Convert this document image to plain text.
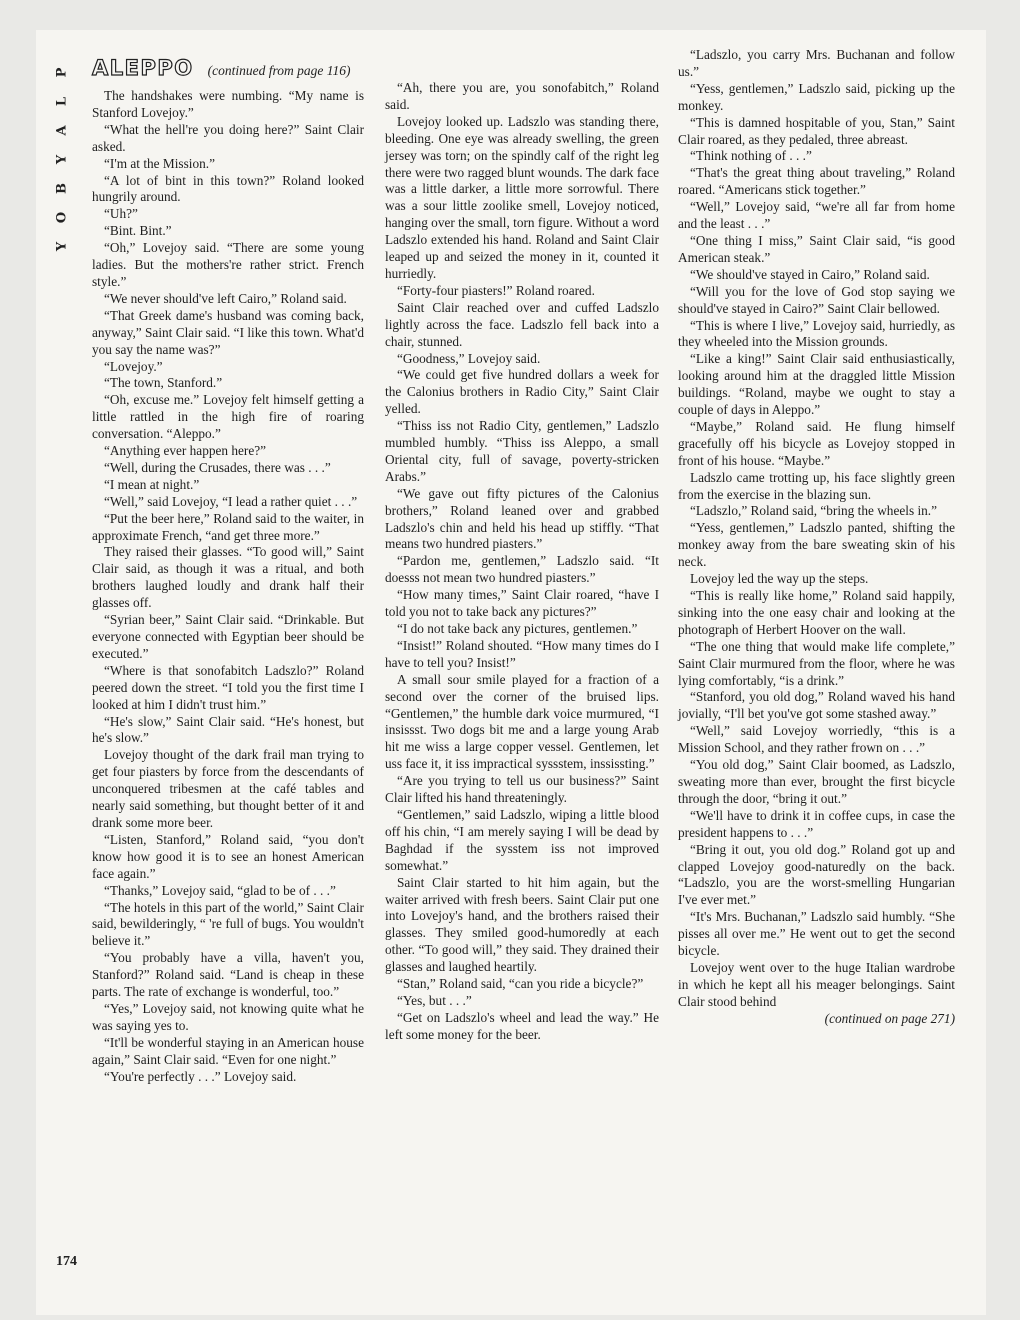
P
L
A
Y
B
O
Y
ALEPPO (continued from page 116)

The handshakes were numbing. “My name is Stanford Lovejoy.”

“What the hell're you doing here?” Saint Clair asked.

“I'm at the Mission.”

“A lot of bint in this town?” Roland looked hungrily around.

“Uh?”

“Bint. Bint.”

“Oh,” Lovejoy said. “There are some young ladies. But the mothers're rather strict. French style.”

“We never should've left Cairo,” Roland said.

“That Greek dame's husband was coming back, anyway,” Saint Clair said. “I like this town. What'd you say the name was?”

“Lovejoy.”

“The town, Stanford.”

“Oh, excuse me.” Lovejoy felt himself getting a little rattled in the high fire of roaring conversation. “Aleppo.”

“Anything ever happen here?”

“Well, during the Crusades, there was . . .”

“I mean at night.”

“Well,” said Lovejoy, “I lead a rather quiet . . .”

“Put the beer here,” Roland said to the waiter, in approximate French, “and get three more.”

They raised their glasses. “To good will,” Saint Clair said, as though it was a ritual, and both brothers laughed loudly and drank half their glasses off.

“Syrian beer,” Saint Clair said. “Drinkable. But everyone connected with Egyptian beer should be executed.”

“Where is that sonofabitch Ladszlo?” Roland peered down the street. “I told you the first time I looked at him I didn't trust him.”

“He's slow,” Saint Clair said. “He's honest, but he's slow.”

Lovejoy thought of the dark frail man trying to get four piasters by force from the descendants of unconquered tribesmen at the café tables and nearly said something, but thought better of it and drank some more beer.

“Listen, Stanford,” Roland said, “you don't know how good it is to see an honest American face again.”

“Thanks,” Lovejoy said, “glad to be of . . .”

“The hotels in this part of the world,” Saint Clair said, bewilderingly, “ 're full of bugs. You wouldn't believe it.”

“You probably have a villa, haven't you, Stanford?” Roland said. “Land is cheap in these parts. The rate of exchange is wonderful, too.”

“Yes,” Lovejoy said, not knowing quite what he was saying yes to.

“It'll be wonderful staying in an American house again,” Saint Clair said. “Even for one night.”

“You're perfectly . . .” Lovejoy said.

“Ah, there you are, you sonofabitch,” Roland said.

Lovejoy looked up. Ladszlo was standing there, bleeding. One eye was already swelling, the green jersey was torn; on the spindly calf of the right leg there were two ragged blunt wounds. The dark face was a little darker, a little more sorrowful. There was a sour little zoolike smell, Lovejoy noticed, hanging over the small, torn figure. Without a word Ladszlo extended his hand. Roland and Saint Clair leaped up and seized the money in it, counted it hurriedly.

“Forty-four piasters!” Roland roared.

Saint Clair reached over and cuffed Ladszlo lightly across the face. Ladszlo fell back into a chair, stunned.

“Goodness,” Lovejoy said.

“We could get five hundred dollars a week for the Calonius brothers in Radio City,” Saint Clair yelled.

“Thiss iss not Radio City, gentlemen,” Ladszlo mumbled humbly. “Thiss iss Aleppo, a small Oriental city, full of savage, poverty-stricken Arabs.”

“We gave out fifty pictures of the Calonius brothers,” Roland leaned over and grabbed Ladszlo's chin and held his head up stiffly. “That means two hundred piasters.”

“Pardon me, gentlemen,” Ladszlo said. “It doesss not mean two hundred piasters.”

“How many times,” Saint Clair roared, “have I told you not to take back any pictures?”

“I do not take back any pictures, gentlemen.”

“Insist!” Roland shouted. “How many times do I have to tell you? Insist!”

A small sour smile played for a fraction of a second over the corner of the bruised lips. “Gentlemen,” the humble dark voice murmured, “I insissst. Two dogs bit me and a large young Arab hit me wiss a large copper vessel. Gentlemen, let uss face it, it iss impractical syssstem, inssissting.”

“Are you trying to tell us our business?” Saint Clair lifted his hand threateningly.

“Gentlemen,” said Ladszlo, wiping a little blood off his chin, “I am merely saying I will be dead by Baghdad if the sysstem iss not improved somewhat.”

Saint Clair started to hit him again, but the waiter arrived with fresh beers. Saint Clair put one into Lovejoy's hand, and the brothers raised their glasses. They smiled good-humoredly at each other. “To good will,” they said. They drained their glasses and laughed heartily.

“Stan,” Roland said, “can you ride a bicycle?”

“Yes, but . . .”

“Get on Ladszlo's wheel and lead the way.” He left some money for the beer.

“Ladszlo, you carry Mrs. Buchanan and follow us.”

“Yess, gentlemen,” Ladszlo said, picking up the monkey.

“This is damned hospitable of you, Stan,” Saint Clair roared, as they pedaled, three abreast.

“Think nothing of . . .”

“That's the great thing about traveling,” Roland roared. “Americans stick together.”

“Well,” Lovejoy said, “we're all far from home and the least . . .”

“One thing I miss,” Saint Clair said, “is good American steak.”

“We should've stayed in Cairo,” Roland said.

“Will you for the love of God stop saying we should've stayed in Cairo?” Saint Clair bellowed.

“This is where I live,” Lovejoy said, hurriedly, as they wheeled into the Mission grounds.

“Like a king!” Saint Clair said enthusiastically, looking around him at the draggled little Mission buildings. “Roland, maybe we ought to stay a couple of days in Aleppo.”

“Maybe,” Roland said. He flung himself gracefully off his bicycle as Lovejoy stopped in front of his house. “Maybe.”

Ladszlo came trotting up, his face slightly green from the exercise in the blazing sun.

“Ladszlo,” Roland said, “bring the wheels in.”

“Yess, gentlemen,” Ladszlo panted, shifting the monkey away from the bare sweating skin of his neck.

Lovejoy led the way up the steps.

“This is really like home,” Roland said happily, sinking into the one easy chair and looking at the photograph of Herbert Hoover on the wall.

“The one thing that would make life complete,” Saint Clair murmured from the floor, where he was lying comfortably, “is a drink.”

“Stanford, you old dog,” Roland waved his hand jovially, “I'll bet you've got some stashed away.”

“Well,” said Lovejoy worriedly, “this is a Mission School, and they rather frown on . . .”

“You old dog,” Saint Clair boomed, as Ladszlo, sweating more than ever, brought the first bicycle through the door, “bring it out.”

“We'll have to drink it in coffee cups, in case the president happens to . . .”

“Bring it out, you old dog.” Roland got up and clapped Lovejoy good-naturedly on the back. “Ladszlo, you are the worst-smelling Hungarian I've ever met.”

“It's Mrs. Buchanan,” Ladszlo said humbly. “She pisses all over me.” He went out to get the second bicycle.

Lovejoy went over to the huge Italian wardrobe in which he kept all his meager belongings. Saint Clair stood behind

(continued on page 271)

174
